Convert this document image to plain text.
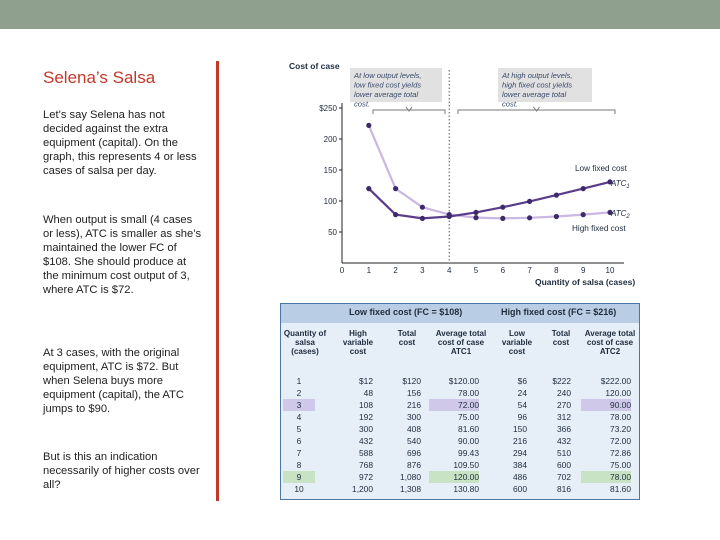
Selena’s Salsa

Let’s say Selena has not decided against the extra equipment (capital). On the graph, this represents 4 or less cases of salsa per day.

When output is small (4 cases or less), ATC is smaller as she’s maintained the lower FC of $108. She should produce at the minimum cost output of 3, where ATC is $72.

At 3 cases, with the original equipment, ATC is $72. But when Selena buys more equipment (capital), the ATC jumps to $90.

But is this an indication necessarily of higher costs over all?

Cost of case
Quantity of salsa (cases)
At low output levels,
low fixed cost yields
lower average total
cost.
At high output levels,
high fixed cost yields
lower average total
cost.
0	1	2	3	4	5	6	7	8	9	10
$250
200
150
100
50
Low fixed cost
$ATC_1$
$ATC_2$
High fixed cost
Low fixed cost (FC = $108)	High fixed cost (FC = $216)
Quantity of salsa (cases)
High variable cost
Total cost
Average total cost of case ATC1
Low variable cost
Total cost
Average total cost of case ATC2
1	$12	$120	$120.00	$6	$222	$222.00
2	48	156	78.00	24	240	120.00
3	108	216	72.00	54	270	90.00
4	192	300	75.00	96	312	78.00
5	300	408	81.60	150	366	73.20
6	432	540	90.00	216	432	72.00
7	588	696	99.43	294	510	72.86
8	768	876	109.50	384	600	75.00
9	972	1,080	120.00	486	702	78.00
10	1,200	1,308	130.80	600	816	81.60
